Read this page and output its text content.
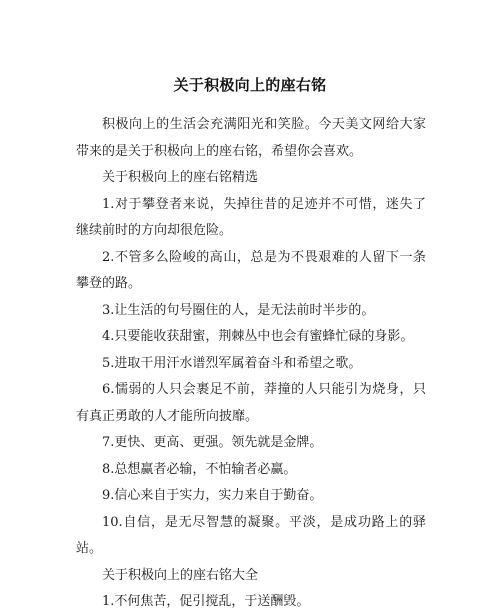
关于积极向上的座右铭

积极向上的生活会充满阳光和笑脸。今天美文网给大家带来的是关于积极向上的座右铭，希望你会喜欢。

关于积极向上的座右铭精选

1.对于攀登者来说，失掉往昔的足迹并不可惜，迷失了继续前时的方向却很危险。

2.不管多么险峻的高山，总是为不畏艰难的人留下一条攀登的路。

3.让生活的句号圈住的人，是无法前时半步的。

4.只要能收获甜蜜，荆棘丛中也会有蜜蜂忙碌的身影。

5.进取干用汗水谱烈军属着奋斗和希望之歌。

6.懦弱的人只会裹足不前，莽撞的人只能引为烧身，只有真正勇敢的人才能所向披靡。

7.更快、更高、更强。领先就是金牌。

8.总想赢者必输，不怕输者必赢。

9.信心来自于实力，实力来自于勤奋。

10.自信，是无尽智慧的凝聚。平淡，是成功路上的驿站。

关于积极向上的座右铭大全

1.不何焦苦，促引搅乱，于送酬毁。
